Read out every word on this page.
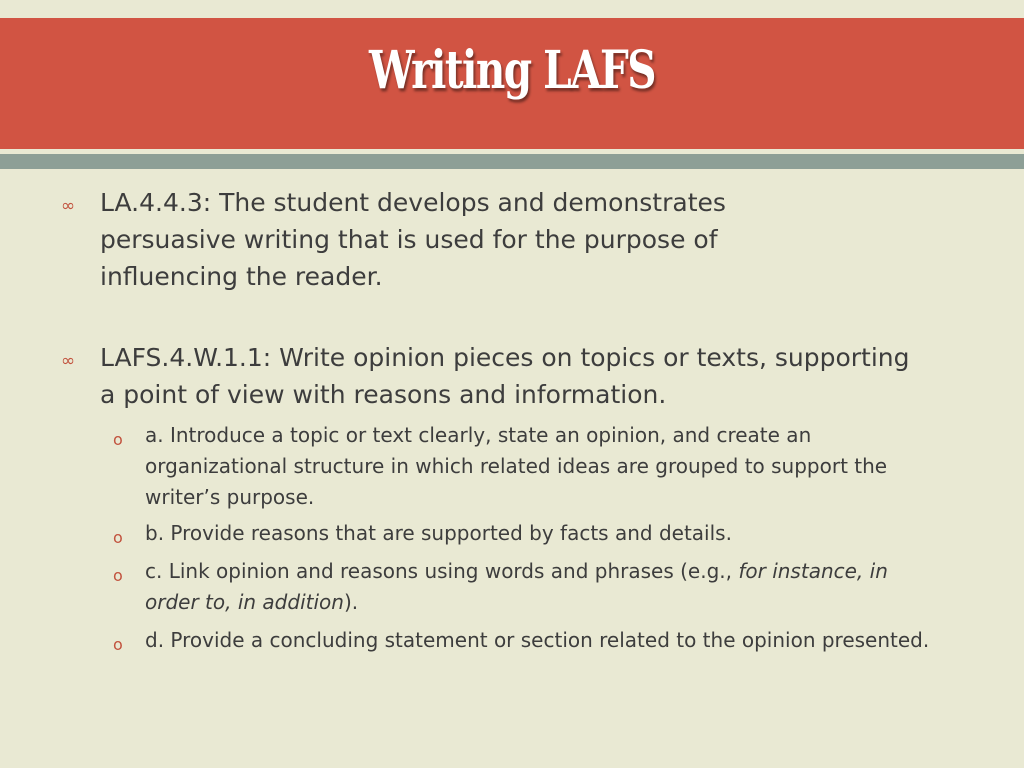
Writing LAFS
∞ LA.4.4.3: The student develops and demonstrates persuasive writing that is used for the purpose of influencing the reader.
∞ LAFS.4.W.1.1: Write opinion pieces on topics or texts, supporting a point of view with reasons and information.
o a. Introduce a topic or text clearly, state an opinion, and create an organizational structure in which related ideas are grouped to support the writer’s purpose.
o b. Provide reasons that are supported by facts and details.
o c. Link opinion and reasons using words and phrases (e.g., for instance, in order to, in addition).
o d. Provide a concluding statement or section related to the opinion presented.
